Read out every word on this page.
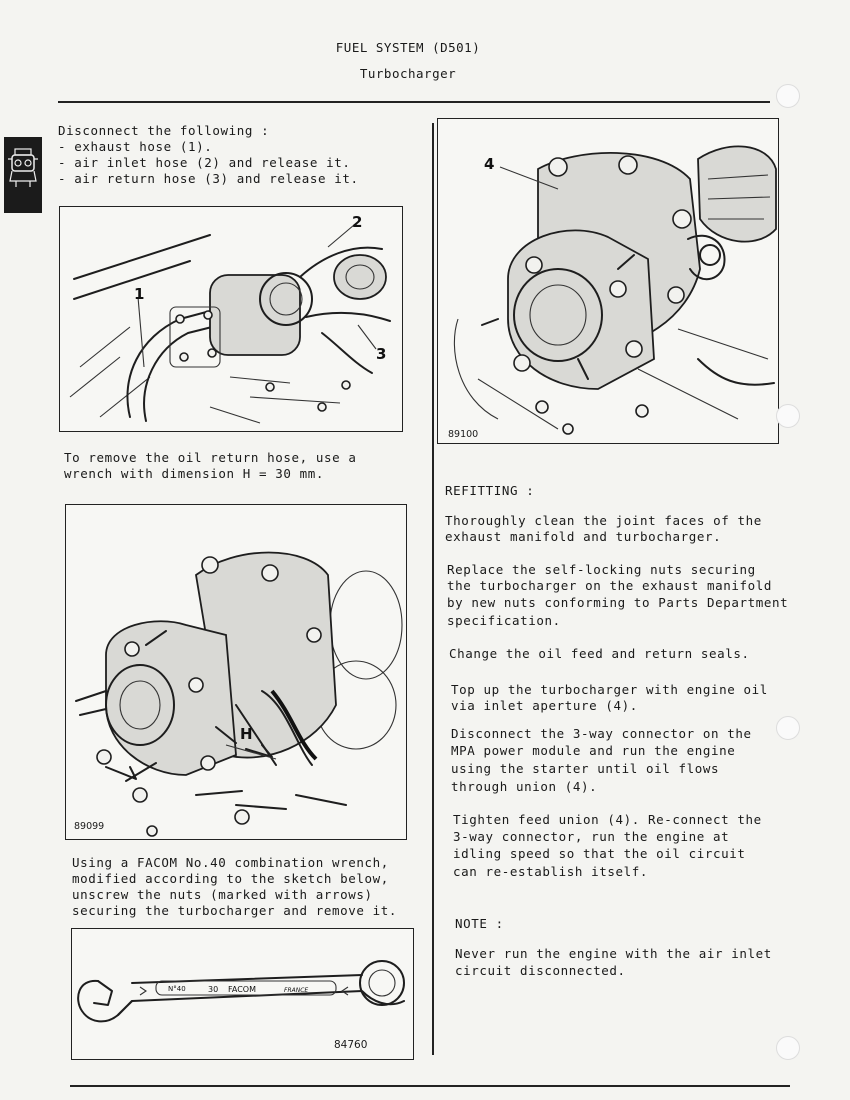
FUEL SYSTEM (D501)
Turbocharger
Disconnect the following :
- exhaust hose (1).
- air inlet hose (2) and release it.
- air return hose (3) and release it.
1
2
3
To remove the oil return hose, use a
wrench with dimension H = 30 mm.
H
89099
Using a FACOM No.40 combination wrench,
modified according to the sketch below,
unscrew the nuts (marked with arrows)
securing the turbocharger and remove it.
N°40	30 FACOM	FRANCE
84760
4
89100
REFITTING :
Thoroughly clean the joint faces of the
exhaust manifold and turbocharger.
Replace the self-locking nuts securing
the turbocharger on the exhaust manifold
by new nuts conforming to Parts Department
specification.
Change the oil feed and return seals.
Top up the turbocharger with engine oil
via inlet aperture (4).
Disconnect the 3-way connector on the
MPA power module and run the engine
using the starter until oil flows
through union (4).
Tighten feed union (4). Re-connect the
3-way connector, run the engine at
idling speed so that the oil circuit
can re-establish itself.
NOTE :
Never run the engine with the air inlet
circuit disconnected.
